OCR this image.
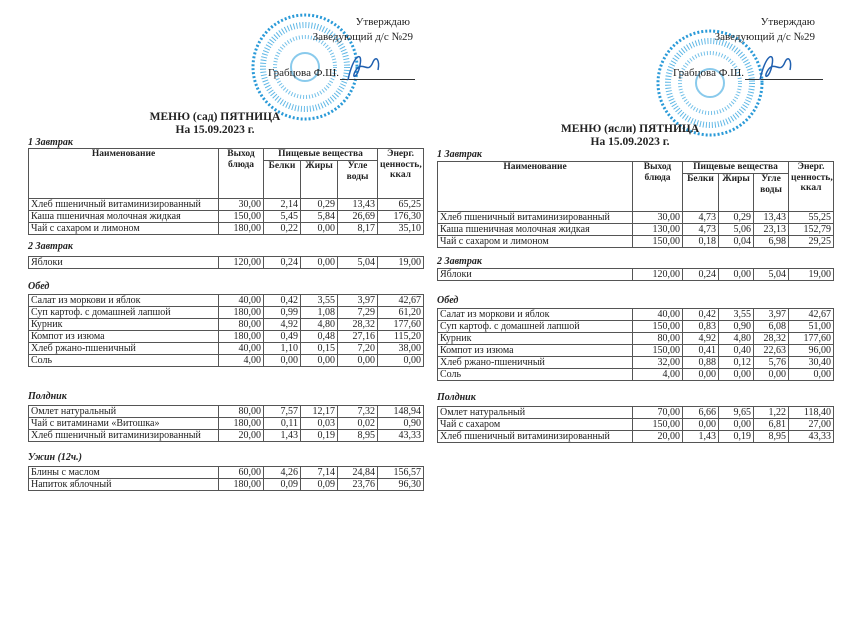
Утверждаю
Заведующий д/с №29
Грабцова Ф.Ш.
МЕНЮ (сад) ПЯТНИЦА
На 15.09.2023 г.
1 Завтрак
Наименование	Выход блюда	Пищевые вещества			Энерг. ценность, ккал
		Белки	Жиры	Угле воды	
Хлеб пшеничный витаминизированный	30,00	2,14	0,29	13,43	65,25
Каша пшеничная молочная жидкая	150,00	5,45	5,84	26,69	176,30
Чай с сахаром и лимоном	180,00	0,22	0,00	8,17	35,10
2 Завтрак
Яблоки	120,00	0,24	0,00	5,04	19,00
Обед
Салат из моркови и яблок	40,00	0,42	3,55	3,97	42,67
Суп картоф. с домашней лапшой	180,00	0,99	1,08	7,29	61,20
Курник	80,00	4,92	4,80	28,32	177,60
Компот из изюма	180,00	0,49	0,48	27,16	115,20
Хлеб ржано-пшеничный	40,00	1,10	0,15	7,20	38,00
Соль	4,00	0,00	0,00	0,00	0,00
Полдник
Омлет натуральный	80,00	7,57	12,17	7,32	148,94
Чай с витаминами «Витошка»	180,00	0,11	0,03	0,02	0,90
Хлеб пшеничный витаминизированный	20,00	1,43	0,19	8,95	43,33
Ужин (12ч.)
Блины с маслом	60,00	4,26	7,14	24,84	156,57
Напиток яблочный	180,00	0,09	0,09	23,76	96,30
Утверждаю
Заведующий д/с №29
Грабцова Ф.Ш.
МЕНЮ (ясли) ПЯТНИЦА
На 15.09.2023 г.
1 Завтрак
Наименование	Выход блюда	Пищевые вещества			Энерг. ценность, ккал
		Белки	Жиры	Угле воды	
Хлеб пшеничный витаминизированный	30,00	4,73	0,29	13,43	55,25
Каша пшеничная молочная жидкая	130,00	4,73	5,06	23,13	152,79
Чай с сахаром и лимоном	150,00	0,18	0,04	6,98	29,25
2 Завтрак
Яблоки	120,00	0,24	0,00	5,04	19,00
Обед
Салат из моркови и яблок	40,00	0,42	3,55	3,97	42,67
Суп картоф. с домашней лапшой	150,00	0,83	0,90	6,08	51,00
Курник	80,00	4,92	4,80	28,32	177,60
Компот из изюма	150,00	0,41	0,40	22,63	96,00
Хлеб ржано-пшеничный	32,00	0,88	0,12	5,76	30,40
Соль	4,00	0,00	0,00	0,00	0,00
Полдник
Омлет натуральный	70,00	6,66	9,65	1,22	118,40
Чай с сахаром	150,00	0,00	0,00	6,81	27,00
Хлеб пшеничный витаминизированный	20,00	1,43	0,19	8,95	43,33
